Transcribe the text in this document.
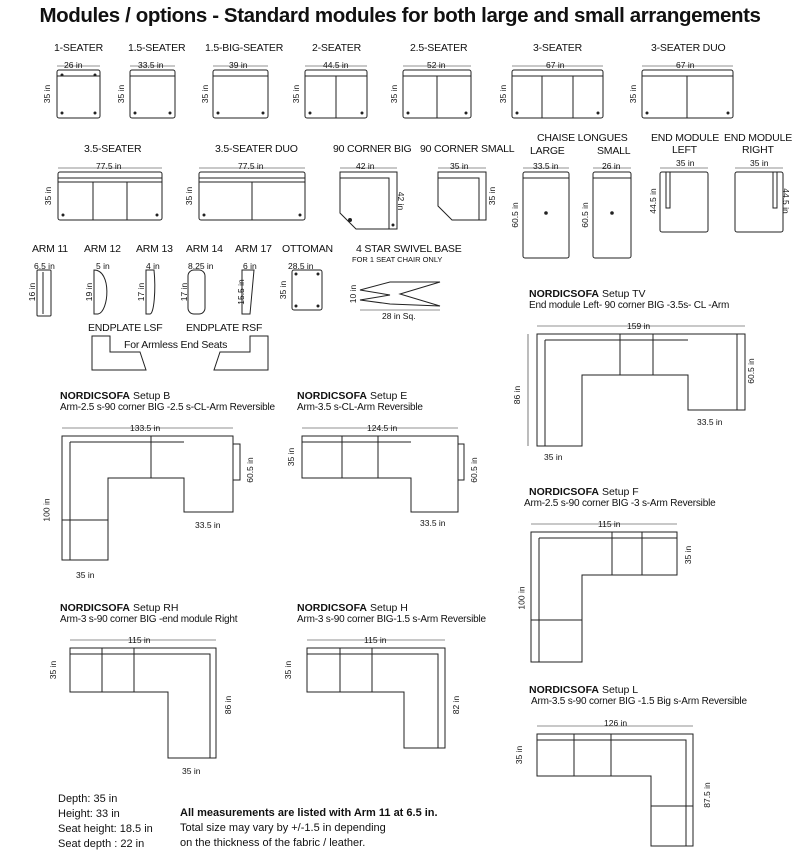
Modules / options - Standard modules for both large and small arrangements
1-SEATER 1.5-SEATER 1.5-BIG-SEATER	2-SEATER	2.5-SEATER	3-SEATER	3-SEATER DUO
26 in	33.5 in	39 in	44.5 in	52 in	67 in	67 in
35 in	35 in	35 in	35 in	35 in	35 in	35 in
3.5-SEATER	3.5-SEATER DUO	90 CORNER BIG 90 CORNER SMALL
CHAISE LONGUES
LARGE	SMALL
END MODULE
LEFT
END MODULE
RIGHT
77.5 in	77.5 in	42 in	35 in	33.5 in	26 in	35 in	35 in
35 in	35 in	42 in	35 in
60.5 in	60.5 in
44.5 in	44.5 in
ARM 11 ARM 12 ARM 13 ARM 14 ARM 17 OTTOMAN 4 STAR SWIVEL BASE
FOR 1 SEAT CHAIR ONLY
6.5 in	5 in	4 in	8.25 in	6 in	28.5 in
16 in	19 in	17 in	17 in	15.5 in	35 in	10 in
28 in Sq.
ENDPLATE LSF ENDPLATE RSF
For Armless End Seats
NORDICSOFA Setup TV
End module Left- 90 corner BIG -3.5s- CL -Arm
159 in
86 in
60.5 in
33.5 in
35 in
NORDICSOFA Setup B
Arm-2.5 s-90 corner BIG -2.5 s-CL-Arm Reversible
133.5 in
100 in
60.5 in
33.5 in
35 in
NORDICSOFA Setup E
Arm-3.5 s-CL-Arm Reversible
124.5 in
35 in
60.5 in
33.5 in
NORDICSOFA Setup F
Arm-2.5 s-90 corner BIG -3 s-Arm Reversible
115 in
100 in
35 in
NORDICSOFA Setup RH
Arm-3 s-90 corner BIG -end module Right
115 in
35 in
86 in
35 in
NORDICSOFA Setup H
Arm-3 s-90 corner BIG-1.5 s-Arm Reversible
115 in
35 in
82 in
NORDICSOFA Setup L
Arm-3.5 s-90 corner BIG -1.5 Big s-Arm Reversible
126 in
35 in
87.5 in
Depth: 35 in
Height: 33 in
Seat height: 18.5 in
Seat depth : 22 in
All measurements are listed with Arm 11 at 6.5 in.
Total size may vary by +/-1.5 in depending
on the thickness of the fabric / leather.
